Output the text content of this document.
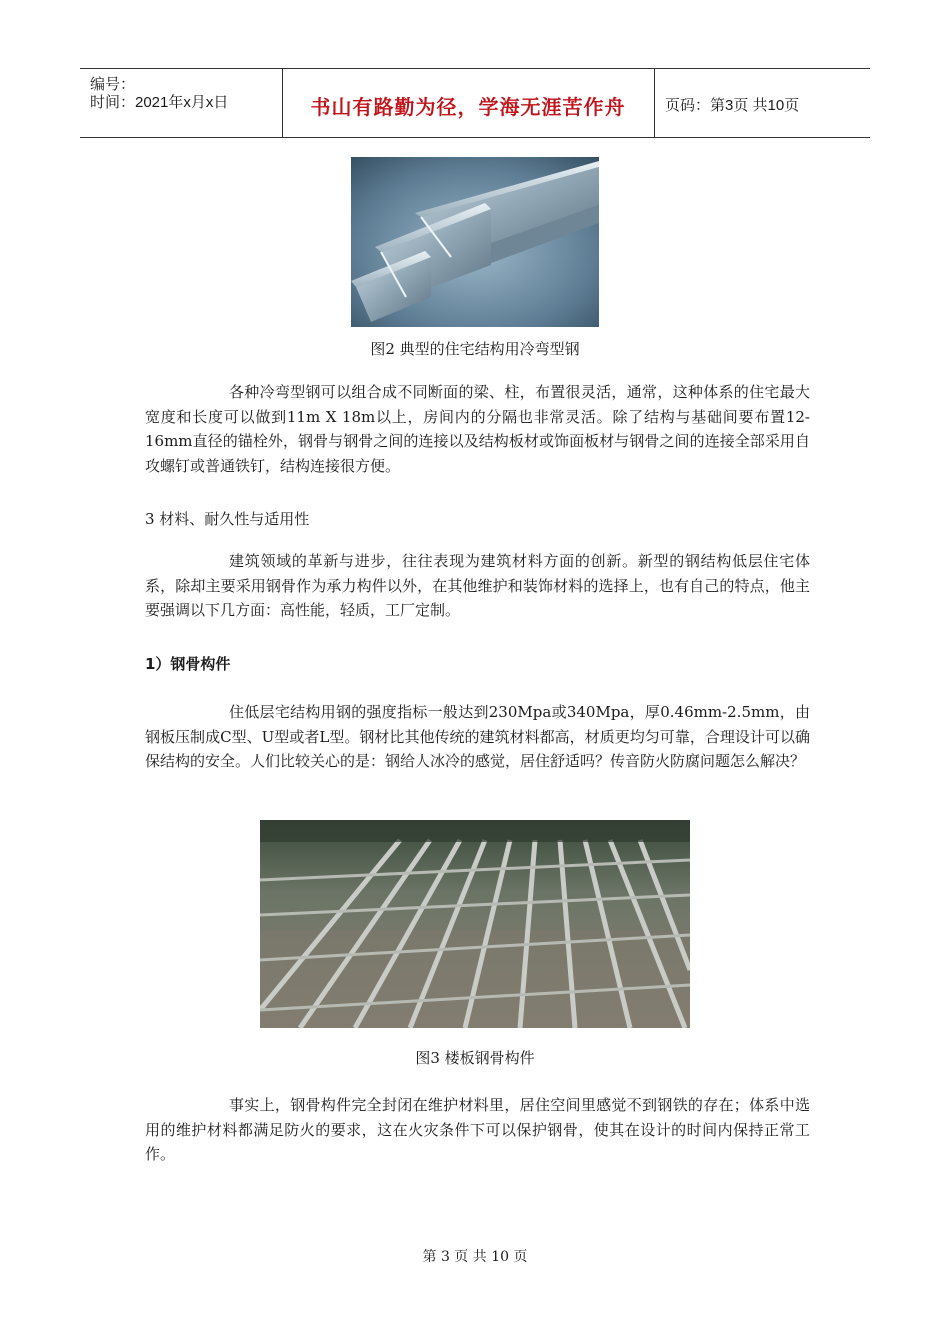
编号：
时间：2021年x月x日	书山有路勤为径，学海无涯苦作舟	页码：第3页 共10页
图2 典型的住宅结构用冷弯型钢

各种冷弯型钢可以组合成不同断面的梁、柱，布置很灵活，通常，这种体系的住宅最大宽度和长度可以做到11m X 18m以上，房间内的分隔也非常灵活。除了结构与基础间要布置12-16mm直径的锚栓外，钢骨与钢骨之间的连接以及结构板材或饰面板材与钢骨之间的连接全部采用自攻螺钉或普通铁钉，结构连接很方便。

3 材料、耐久性与适用性

建筑领域的革新与进步，往往表现为建筑材料方面的创新。新型的钢结构低层住宅体系，除却主要采用钢骨作为承力构件以外，在其他维护和装饰材料的选择上，也有自己的特点，他主要强调以下几方面：高性能，轻质，工厂定制。

1）钢骨构件

住低层宅结构用钢的强度指标一般达到230Mpa或340Mpa，厚0.46mm-2.5mm，由钢板压制成C型、U型或者L型。钢材比其他传统的建筑材料都高，材质更均匀可靠，合理设计可以确保结构的安全。人们比较关心的是：钢给人冰冷的感觉，居住舒适吗？传音防火防腐问题怎么解决？

图3 楼板钢骨构件

事实上，钢骨构件完全封闭在维护材料里，居住空间里感觉不到钢铁的存在；体系中选用的维护材料都满足防火的要求，这在火灾条件下可以保护钢骨，使其在设计的时间内保持正常工作。

第 3 页 共 10 页
